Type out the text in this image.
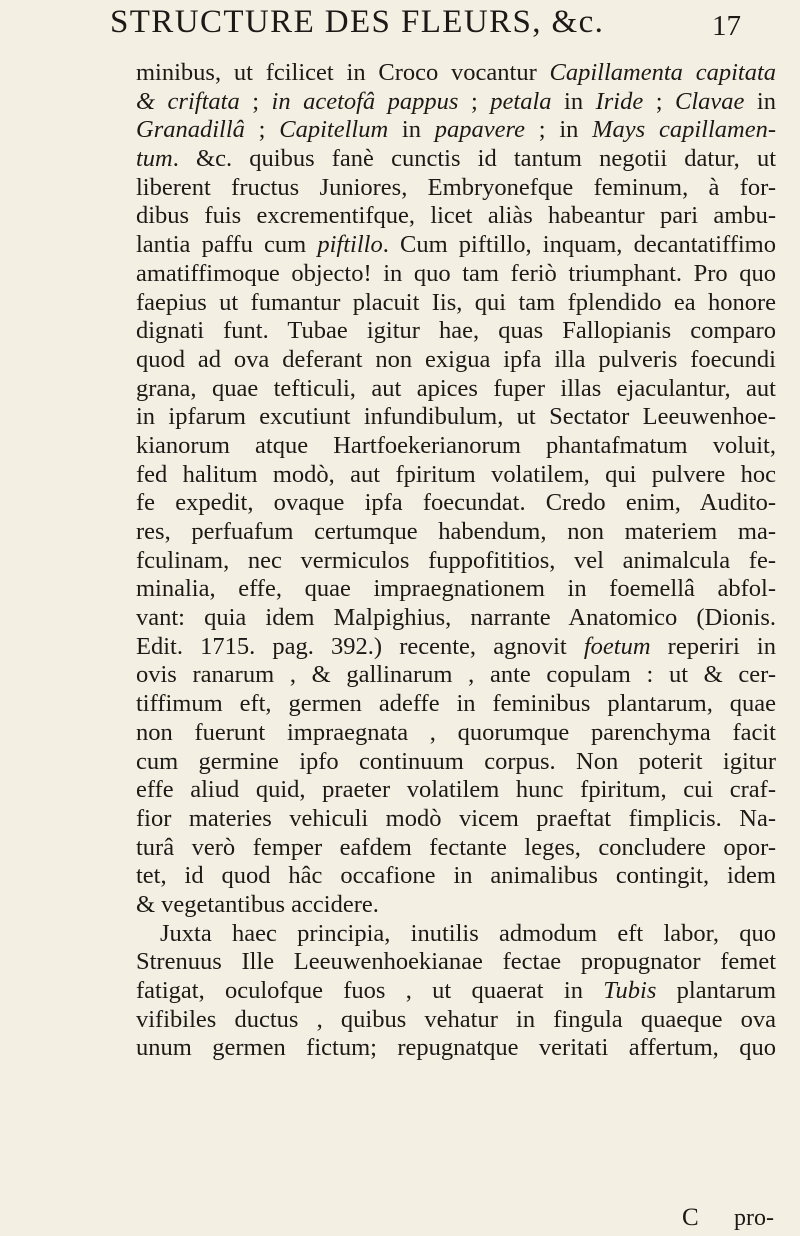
STRUCTURE DES FLEURS, &c.	17
minibus, ut fcilicet in Croco vocantur Capillamenta capitata
& criftata ; in acetofâ pappus ; petala in Iride ; Clavae in
Granadillâ ; Capitellum in papavere ; in Mays capillamen-
tum. &c. quibus fanè cunctis id tantum negotii datur, ut
liberent fructus Juniores, Embryonefque feminum, à for-
dibus fuis excrementifque, licet aliàs habeantur pari ambu-
lantia paffu cum piftillo. Cum piftillo, inquam, decantatiffimo
amatiffimoque objecto! in quo tam feriò triumphant. Pro quo
faepius ut fumantur placuit Iis, qui tam fplendido ea honore
dignati funt. Tubae igitur hae, quas Fallopianis comparo
quod ad ova deferant non exigua ipfa illa pulveris foecundi
grana, quae tefticuli, aut apices fuper illas ejaculantur, aut
in ipfarum excutiunt infundibulum, ut Sectator Leeuwenhoe-
kianorum atque Hartfoekerianorum phantafmatum voluit,
fed halitum modò, aut fpiritum volatilem, qui pulvere hoc
fe expedit, ovaque ipfa foecundat. Credo enim, Audito-
res, perfuafum certumque habendum, non materiem ma-
fculinam, nec vermiculos fuppofititios, vel animalcula fe-
minalia, effe, quae impraegnationem in foemellâ abfol-
vant: quia idem Malpighius, narrante Anatomico (Dionis.
Edit. 1715. pag. 392.) recente, agnovit foetum reperiri in
ovis ranarum , & gallinarum , ante copulam : ut & cer-
tiffimum eft, germen adeffe in feminibus plantarum, quae
non fuerunt impraegnata , quorumque parenchyma facit
cum germine ipfo continuum corpus. Non poterit igitur
effe aliud quid, praeter volatilem hunc fpiritum, cui craf-
fior materies vehiculi modò vicem praeftat fimplicis. Na-
turâ verò femper eafdem fectante leges, concludere opor-
tet, id quod hâc occafione in animalibus contingit, idem
& vegetantibus accidere.
Juxta haec principia, inutilis admodum eft labor, quo
Strenuus Ille Leeuwenhoekianae fectae propugnator femet
fatigat, oculofque fuos , ut quaerat in Tubis plantarum
vifibiles ductus , quibus vehatur in fingula quaeque ova
unum germen fictum; repugnatque veritati affertum, quo
C pro-
